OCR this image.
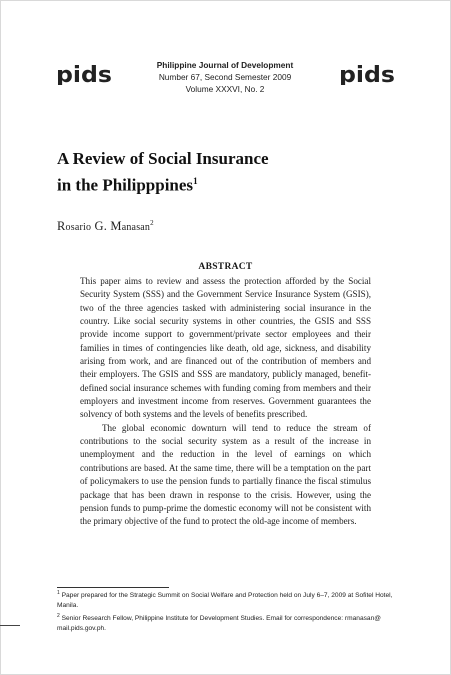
pids	Philippine Journal of Development
Number 67, Second Semester 2009
Volume XXXVI, No. 2
pids
A Review of Social Insurance
in the Philipppines$^1$
Rosario G. Manasan$^2$
ABSTRACT

This paper aims to review and assess the protection afforded by the Social Security System (SSS) and the Government Service Insurance System (GSIS), two of the three agencies tasked with administering social insurance in the country. Like social security systems in other countries, the GSIS and SSS provide income support to government/private sector employees and their families in times of contingencies like death, old age, sickness, and disability arising from work, and are financed out of the contribution of members and their employers. The GSIS and SSS are mandatory, publicly managed, benefit-defined social insurance schemes with funding coming from members and their employers and investment income from reserves. Government guarantees the solvency of both systems and the levels of benefits prescribed.

The global economic downturn will tend to reduce the stream of contributions to the social security system as a result of the increase in unemployment and the reduction in the level of earnings on which contributions are based. At the same time, there will be a temptation on the part of policymakers to use the pension funds to partially finance the fiscal stimulus package that has been drawn in response to the crisis. However, using the pension funds to pump-prime the domestic economy will not be consistent with the primary objective of the fund to protect the old-age income of members.

$^1$ Paper prepared for the Strategic Summit on Social Welfare and Protection held on July 6–7, 2009 at Sofitel Hotel, Manila.

$^2$ Senior Research Fellow, Philippine Institute for Development Studies. Email for correspondence: rmanasan@ mail.pids.gov.ph.
